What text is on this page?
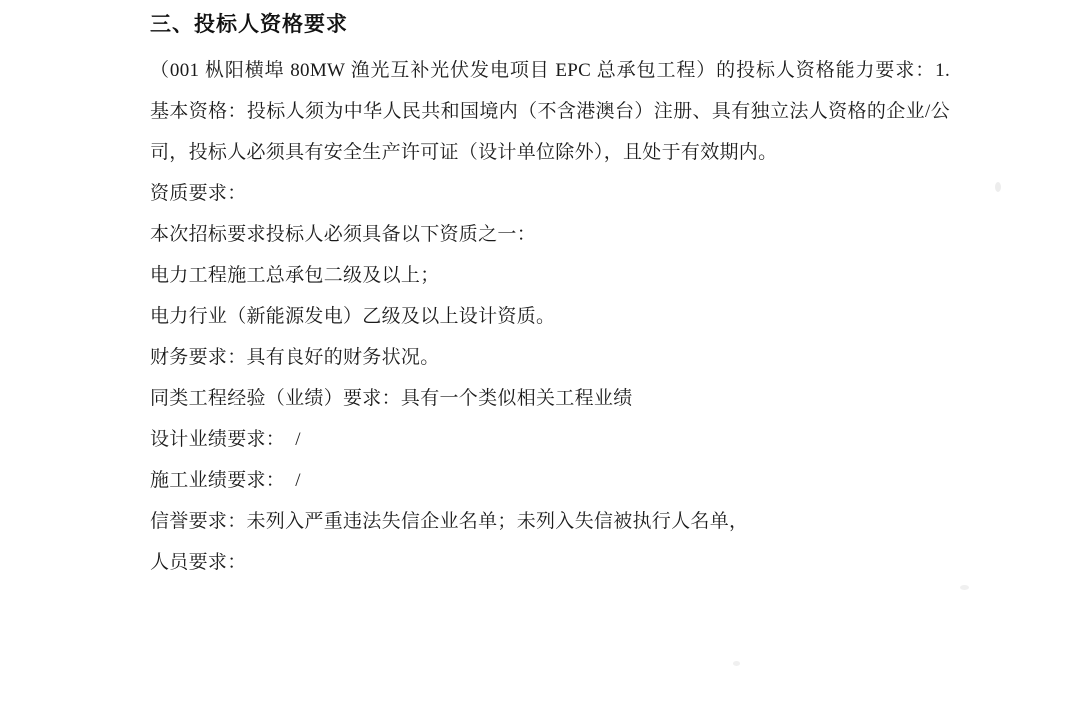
三、投标人资格要求
（001 枞阳横埠 80MW 渔光互补光伏发电项目 EPC 总承包工程）的投标人资格能力要求：1. 基本资格：投标人须为中华人民共和国境内（不含港澳台）注册、具有独立法人资格的企业/公司，投标人必须具有安全生产许可证（设计单位除外），且处于有效期内。
资质要求：
本次招标要求投标人必须具备以下资质之一：
电力工程施工总承包二级及以上；
电力行业（新能源发电）乙级及以上设计资质。
财务要求：具有良好的财务状况。
同类工程经验（业绩）要求：具有一个类似相关工程业绩
设计业绩要求：  /
施工业绩要求：  /
信誉要求：未列入严重违法失信企业名单；未列入失信被执行人名单，
人员要求：
